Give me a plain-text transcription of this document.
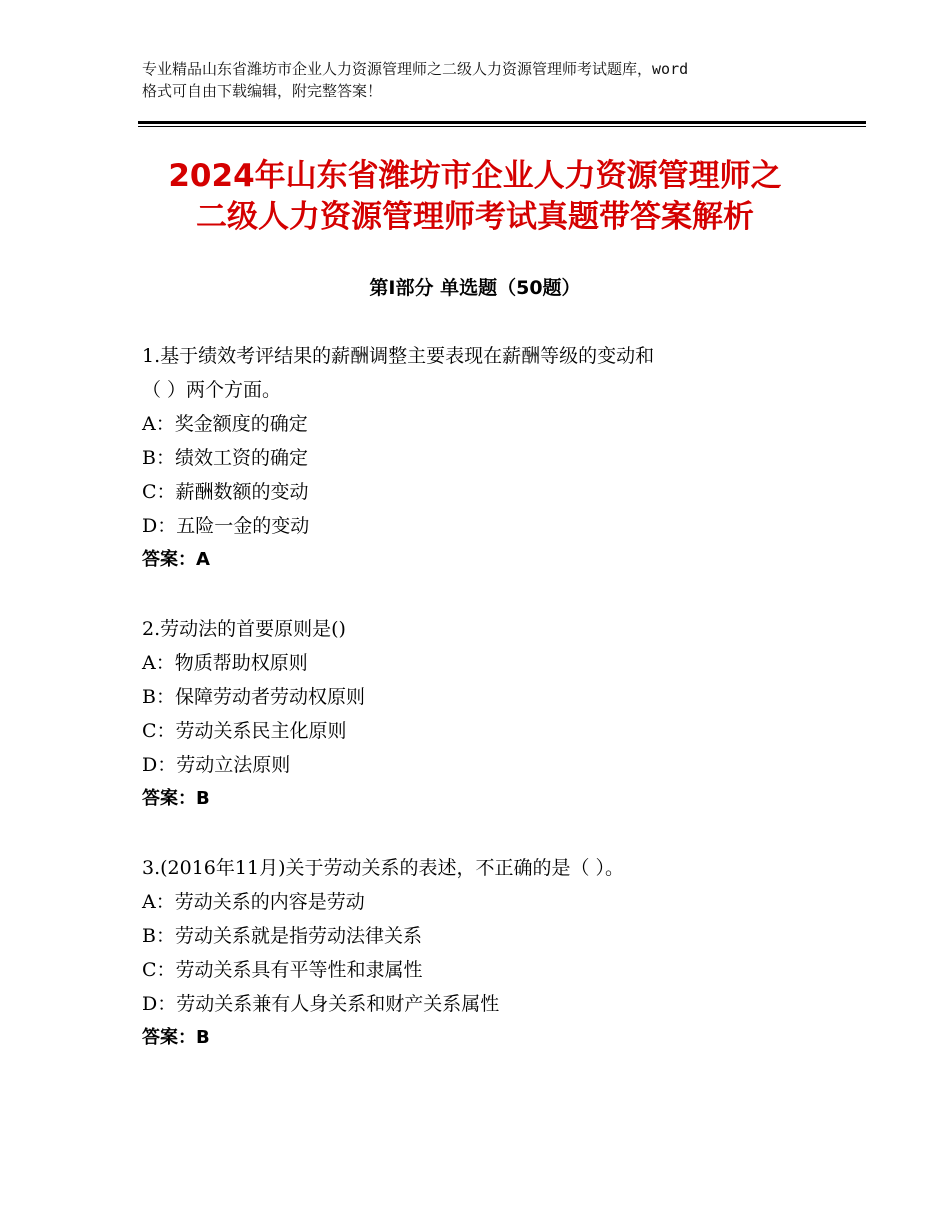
专业精品山东省潍坊市企业人力资源管理师之二级人力资源管理师考试题库，word
格式可自由下载编辑，附完整答案！
2024年山东省潍坊市企业人力资源管理师之
二级人力资源管理师考试真题带答案解析
第Ⅰ部分 单选题（50题）
1.基于绩效考评结果的薪酬调整主要表现在薪酬等级的变动和
（ ）两个方面。
A：奖金额度的确定
B：绩效工资的确定
C：薪酬数额的变动
D：五险一金的变动
答案：A
2.劳动法的首要原则是()
A：物质帮助权原则
B：保障劳动者劳动权原则
C：劳动关系民主化原则
D：劳动立法原则
答案：B
3.(2016年11月)关于劳动关系的表述，不正确的是（ ）。
A：劳动关系的内容是劳动
B：劳动关系就是指劳动法律关系
C：劳动关系具有平等性和隶属性
D：劳动关系兼有人身关系和财产关系属性
答案：B
